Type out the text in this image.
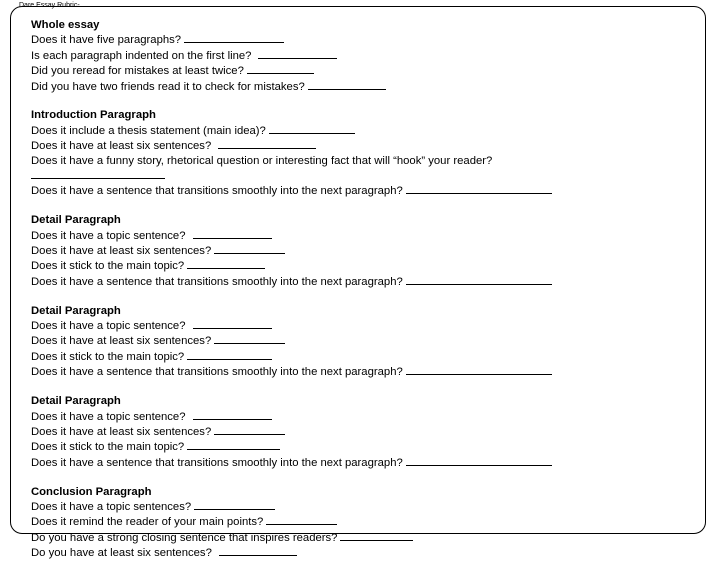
Dare Essay Rubric-
Whole essay
Does it have five paragraphs?
Is each paragraph indented on the first line?
Did you reread for mistakes at least twice?
Did you have two friends read it to check for mistakes?
Introduction Paragraph
Does it include a thesis statement (main idea)?
Does it have at least six sentences?
Does it have a funny story, rhetorical question or interesting fact that will “hook” your reader?
Does it have a sentence that transitions smoothly into the next paragraph?
Detail Paragraph
Does it have a topic sentence?
Does it have at least six sentences?
Does it stick to the main topic?
Does it have a sentence that transitions smoothly into the next paragraph?
Detail Paragraph
Does it have a topic sentence?
Does it have at least six sentences?
Does it stick to the main topic?
Does it have a sentence that transitions smoothly into the next paragraph?
Detail Paragraph
Does it have a topic sentence?
Does it have at least six sentences?
Does it stick to the main topic?
Does it have a sentence that transitions smoothly into the next paragraph?
Conclusion Paragraph
Does it have a topic sentences?
Does it remind the reader of your main points?
Do you have a strong closing sentence that inspires readers?
Do you have at least six sentences?
